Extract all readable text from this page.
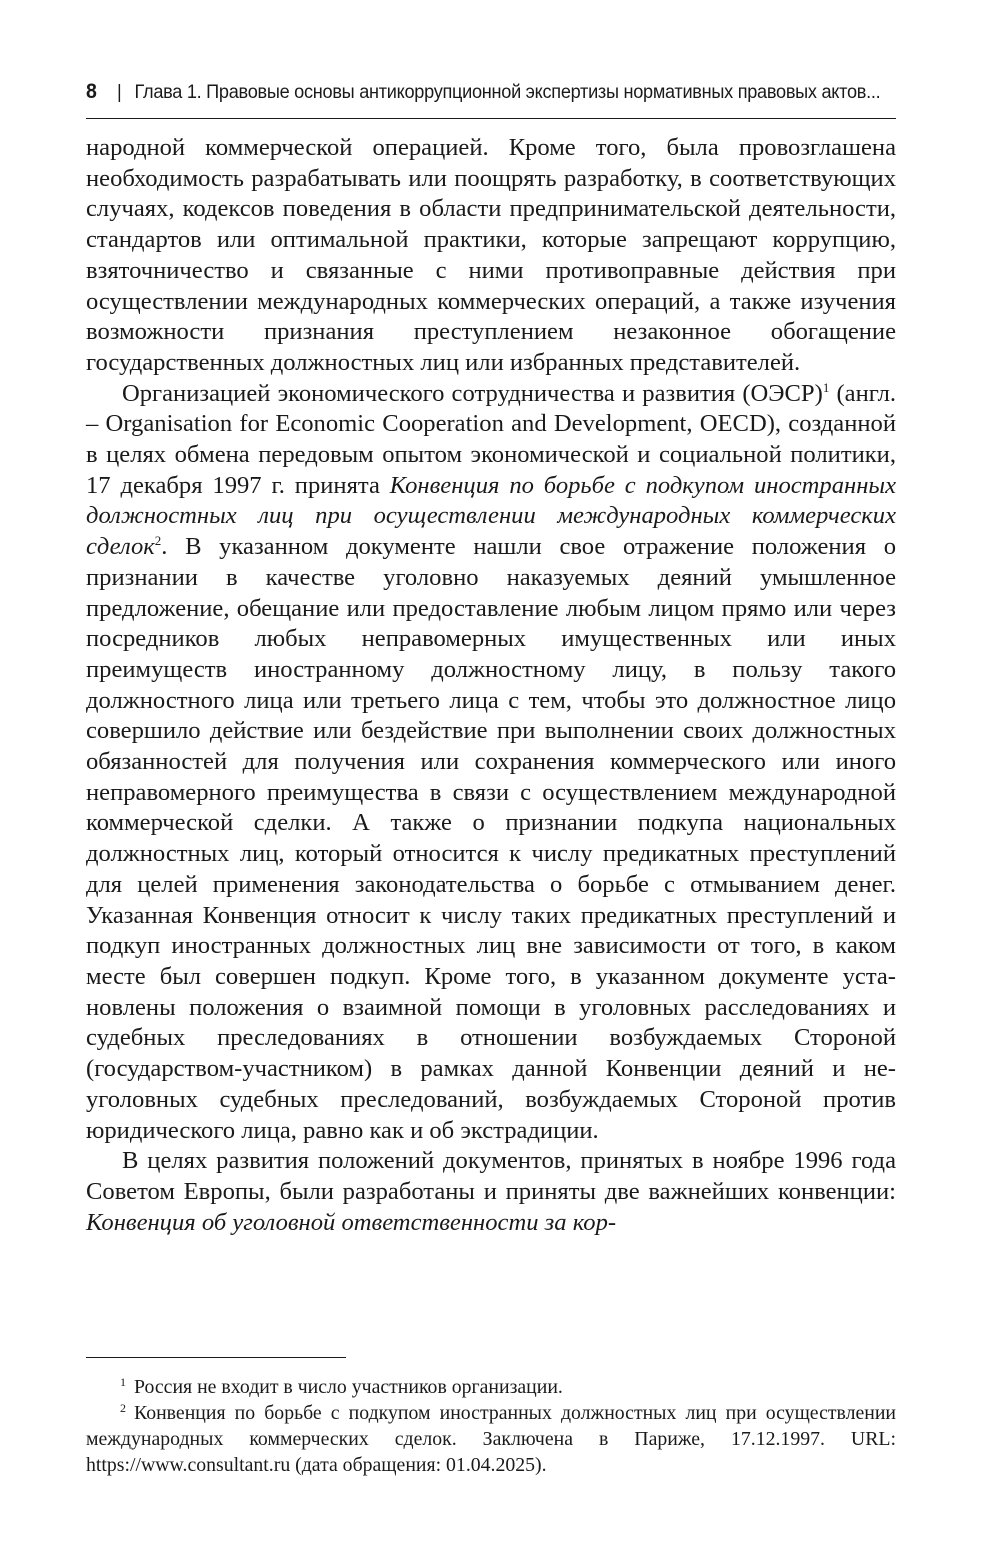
8 | Глава 1. Правовые основы антикоррупционной экспертизы нормативных правовых актов...

народной коммерческой операцией. Кроме того, была провозглашена необходимость разрабатывать или поощрять разработку, в соответствующих случаях, кодексов поведения в области предпринимательской деятельности, стандартов или оптимальной практики, которые запрещают коррупцию, взяточничество и связанные с ними противоправные действия при осуществлении международных коммерческих операций, а также изучения возможности признания преступлением незаконное обогащение государственных должностных лиц или избранных представителей.

Организацией экономического сотрудничества и развития (ОЭСР)$^1$ (англ. – Organisation for Economic Cooperation and Development, OECD), созданной в целях обмена передовым опытом экономической и социальной политики, 17 декабря 1997 г. принята Конвенция по борьбе с подкупом иностранных должностных лиц при осуществлении международных коммерческих сделок$^2$. В указанном документе нашли свое отражение положения о признании в качестве уголовно наказуемых деяний умышленное предложение, обещание или предоставление любым лицом прямо или через посредников любых неправомерных имущественных или иных преимуществ иностранному должностному лицу, в пользу такого должностного лица или третьего лица с тем, чтобы это должностное лицо совершило действие или бездействие при выполнении своих должностных обязанностей для получения или сохранения коммерческого или иного неправомерного преимущества в связи с осуществлением международной коммерческой сделки. А также о признании подкупа национальных должностных лиц, который относится к числу предикатных преступлений для целей применения законодательства о борьбе с отмыванием денег. Указанная Конвенция относит к числу таких предикатных преступлений и подкуп иностранных должностных лиц вне зависимости от того, в каком месте был совершен подкуп. Кроме того, в указанном документе установлены положения о взаимной помощи в уголовных расследованиях и судебных преследованиях в отношении возбуждаемых Стороной (государством-участником) в рамках данной Конвенции деяний и неуголовных судебных преследований, возбуждаемых Стороной против юридического лица, равно как и об экстрадиции.

В целях развития положений документов, принятых в ноябре 1996 года Советом Европы, были разработаны и приняты две важнейших конвенции: Конвенция об уголовной ответственности за кор-

$^1$ Россия не входит в число участников организации.

$^2$ Конвенция по борьбе с подкупом иностранных должностных лиц при осуществлении международных коммерческих сделок. Заключена в Париже, 17.12.1997. URL: https://www.consultant.ru (дата обращения: 01.04.2025).
